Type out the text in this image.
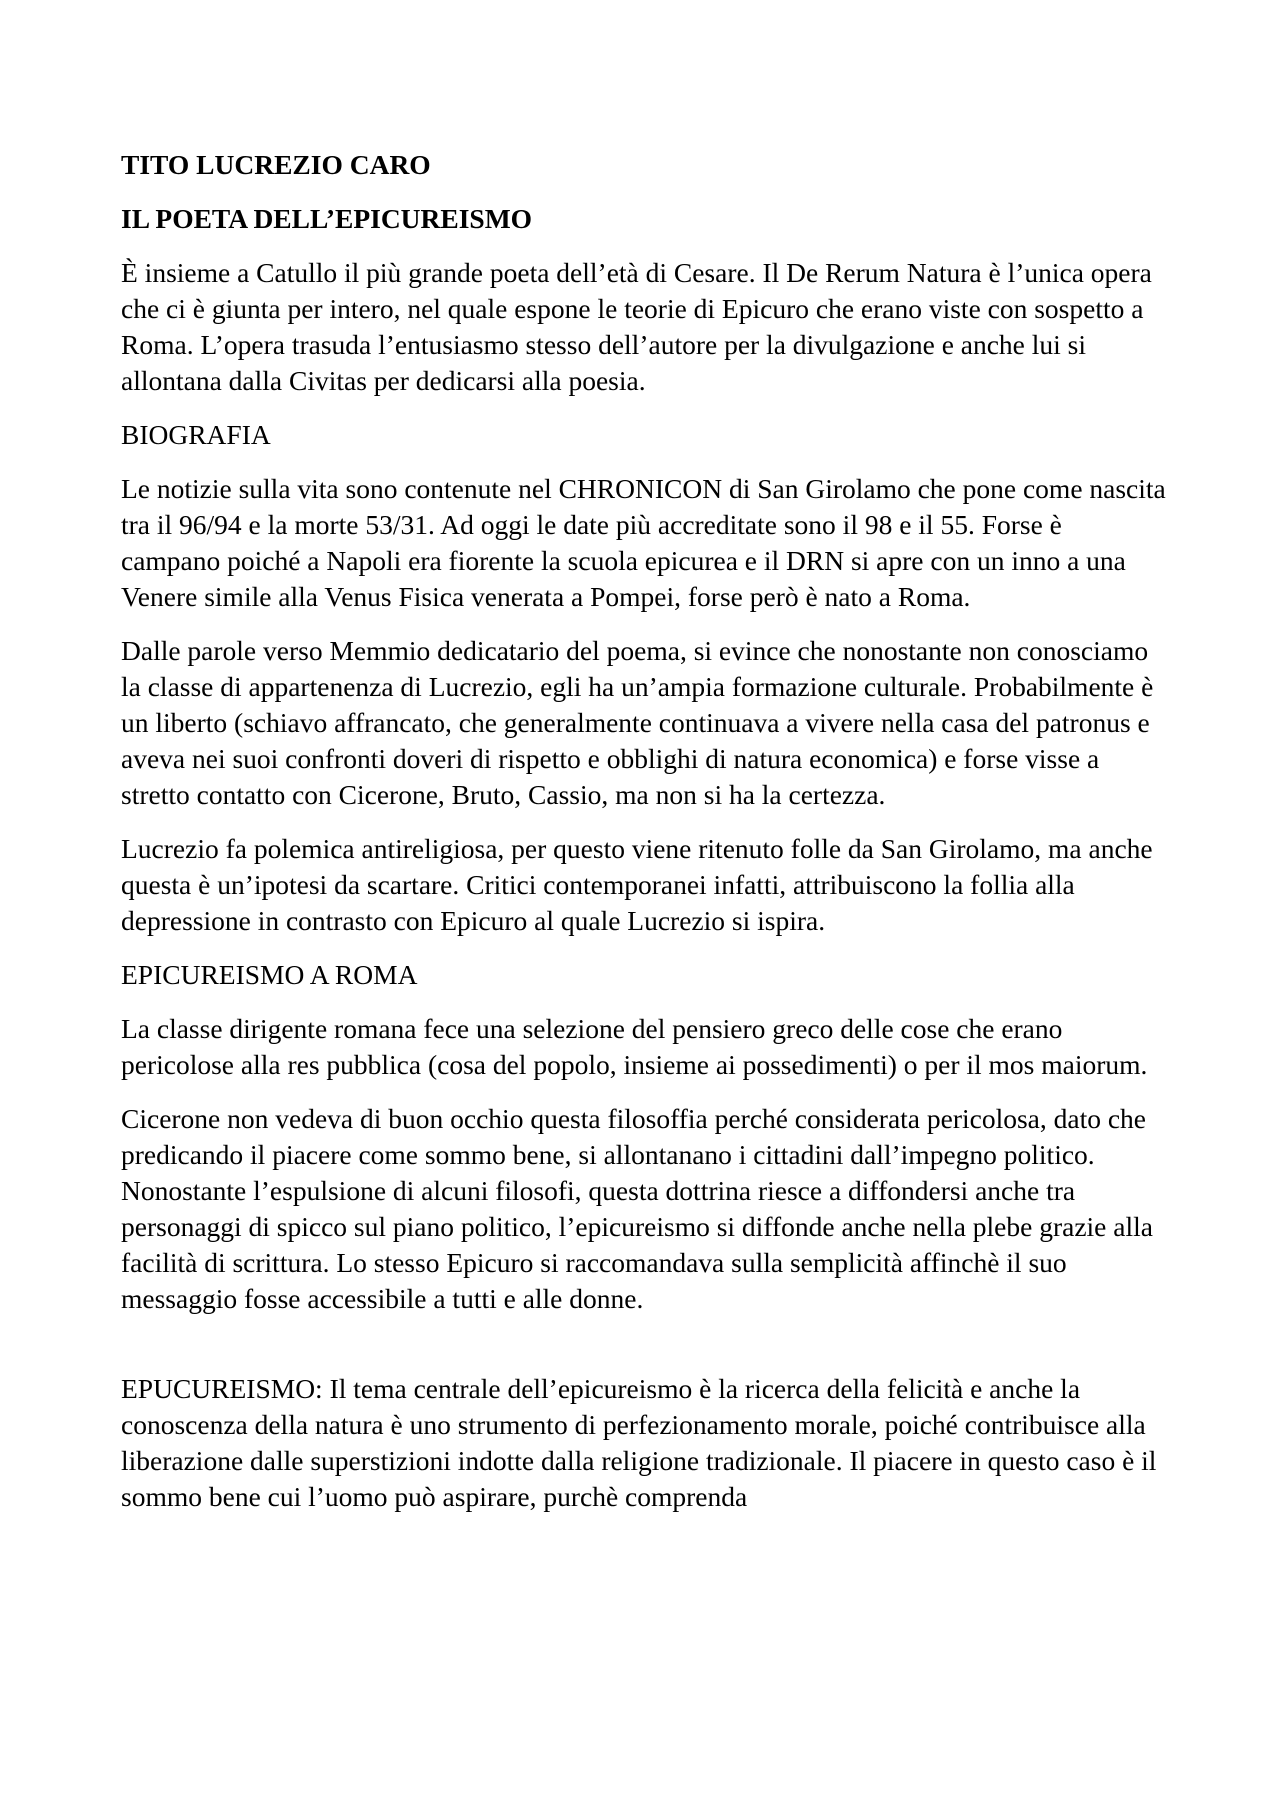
TITO LUCREZIO CARO
IL POETA DELL’EPICUREISMO

È insieme a Catullo il più grande poeta dell’età di Cesare. Il De Rerum Natura è l’unica opera che ci è giunta per intero, nel quale espone le teorie di Epicuro che erano viste con sospetto a Roma. L’opera trasuda l’entusiasmo stesso dell’autore per la divulgazione e anche lui si allontana dalla Civitas per dedicarsi alla poesia.

BIOGRAFIA

Le notizie sulla vita sono contenute nel CHRONICON di San Girolamo che pone come nascita tra il 96/94 e la morte 53/31. Ad oggi le date più accreditate sono il 98 e il 55. Forse è campano poiché a Napoli era fiorente la scuola epicurea e il DRN si apre con un inno a una Venere simile alla Venus Fisica venerata a Pompei, forse però è nato a Roma.

Dalle parole verso Memmio dedicatario del poema, si evince che nonostante non conosciamo la classe di appartenenza di Lucrezio, egli ha un’ampia formazione culturale. Probabilmente è un liberto (schiavo affrancato, che generalmente continuava a vivere nella casa del patronus e aveva nei suoi confronti doveri di rispetto e obblighi di natura economica) e forse visse a stretto contatto con Cicerone, Bruto, Cassio, ma non si ha la certezza.

Lucrezio fa polemica antireligiosa, per questo viene ritenuto folle da San Girolamo, ma anche questa è un’ipotesi da scartare. Critici contemporanei infatti, attribuiscono la follia alla depressione in contrasto con Epicuro al quale Lucrezio si ispira.

EPICUREISMO A ROMA

La classe dirigente romana fece una selezione del pensiero greco delle cose che erano pericolose alla res pubblica (cosa del popolo, insieme ai possedimenti) o per il mos maiorum.

Cicerone non vedeva di buon occhio questa filosoffia perché considerata pericolosa, dato che predicando il piacere come sommo bene, si allontanano i cittadini dall’impegno politico. Nonostante l’espulsione di alcuni filosofi, questa dottrina riesce a diffondersi anche tra personaggi di spicco sul piano politico, l’epicureismo si diffonde anche nella plebe grazie alla facilità di scrittura. Lo stesso Epicuro si raccomandava sulla semplicità affinchè il suo messaggio fosse accessibile a tutti e alle donne.

EPUCUREISMO: Il tema centrale dell’epicureismo è la ricerca della felicità e anche la conoscenza della natura è uno strumento di perfezionamento morale, poiché contribuisce alla liberazione dalle superstizioni indotte dalla religione tradizionale. Il piacere in questo caso è il sommo bene cui l’uomo può aspirare, purchè comprenda
